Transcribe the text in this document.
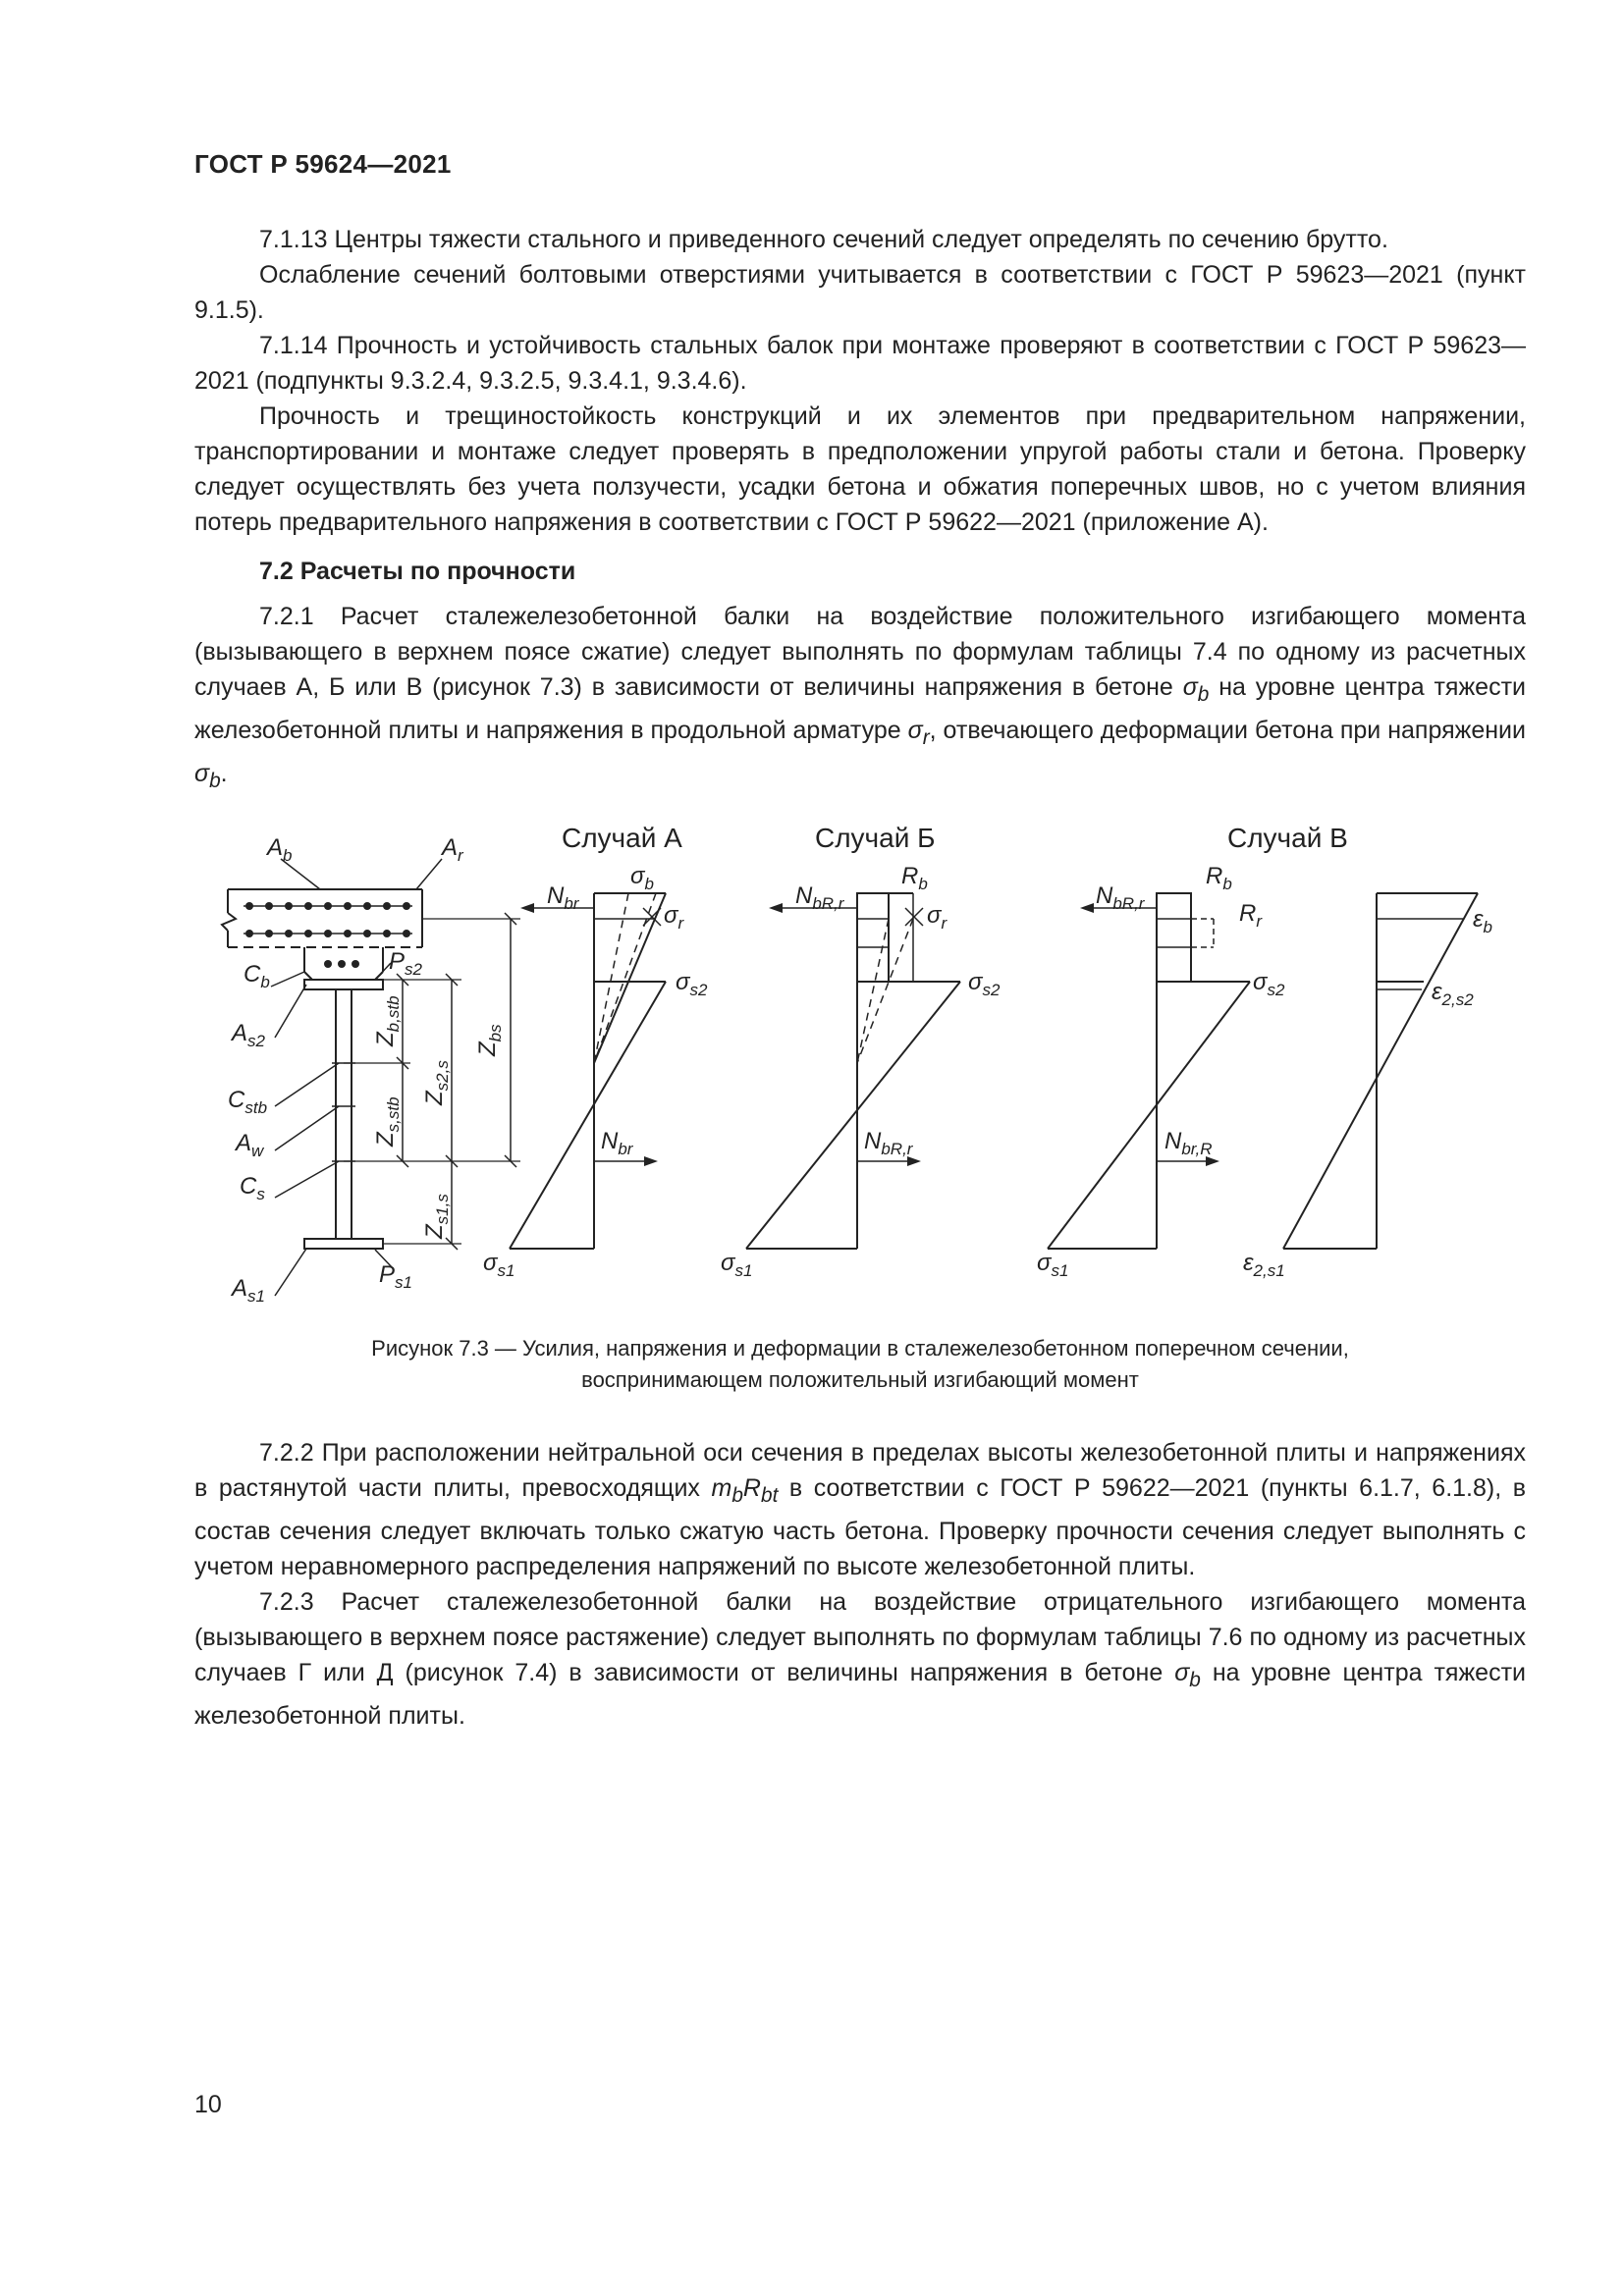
ГОСТ Р 59624—2021

7.1.13 Центры тяжести стального и приведенного сечений следует определять по сечению брутто.

Ослабление сечений болтовыми отверстиями учитывается в соответствии с ГОСТ Р 59623—2021 (пункт 9.1.5).

7.1.14 Прочность и устойчивость стальных балок при монтаже проверяют в соответствии с ГОСТ Р 59623—2021 (подпункты 9.3.2.4, 9.3.2.5, 9.3.4.1, 9.3.4.6).

Прочность и трещиностойкость конструкций и их элементов при предварительном напряжении, транспортировании и монтаже следует проверять в предположении упругой работы стали и бетона. Проверку следует осуществлять без учета ползучести, усадки бетона и обжатия поперечных швов, но с учетом влияния потерь предварительного напряжения в соответствии с ГОСТ Р 59622—2021 (приложение А).

7.2 Расчеты по прочности

7.2.1 Расчет сталежелезобетонной балки на воздействие положительного изгибающего момента (вызывающего в верхнем поясе сжатие) следует выполнять по формулам таблицы 7.4 по одному из расчетных случаев А, Б или В (рисунок 7.3) в зависимости от величины напряжения в бетоне $\sigma_b$ на уровне центра тяжести железобетонной плиты и напряжения в продольной арматуре $\sigma_r$, отвечающего деформации бетона при напряжении $\sigma_b$.

Случай А	Случай Б	Случай В
$A_b$	$A_r$
$C_b$
$A_{s2}$
$C_{stb}$
$A_w$
$C_s$
$A_{s1}$
$P_{s2}$
$P_{s1}$
$Z_{b,stb}$
$Z_{s2,s}$
$Z_{bs}$
$Z_{s,stb}$
$Z_{s1,s}$
$N_{br}$
$\sigma_b$
$\sigma_r$
$\sigma_{s2}$
$N_{br}$
$\sigma_{s1}$
$N_{bR,r}$
$R_b$
$\sigma_r$
$\sigma_{s2}$
$N_{bR,r}$
$\sigma_{s1}$
$N_{bR,r}$
$R_b$
$R_r$
$\sigma_{s2}$
$N_{br,R}$
$\sigma_{s1}$
$\varepsilon_b$
$\varepsilon_{2,s2}$
$\varepsilon_{2,s1}$
Рисунок 7.3 — Усилия, напряжения и деформации в сталежелезобетонном поперечном сечении,
воспринимающем положительный изгибающий момент

7.2.2 При расположении нейтральной оси сечения в пределах высоты железобетонной плиты и напряжениях в растянутой части плиты, превосходящих $m_bR_{bt}$ в соответствии с ГОСТ Р 59622—2021 (пункты 6.1.7, 6.1.8), в состав сечения следует включать только сжатую часть бетона. Проверку прочности сечения следует выполнять с учетом неравномерного распределения напряжений по высоте железобетонной плиты.

7.2.3 Расчет сталежелезобетонной балки на воздействие отрицательного изгибающего момента (вызывающего в верхнем поясе растяжение) следует выполнять по формулам таблицы 7.6 по одному из расчетных случаев Г или Д (рисунок 7.4) в зависимости от величины напряжения в бетоне $\sigma_b$ на уровне центра тяжести железобетонной плиты.

10
